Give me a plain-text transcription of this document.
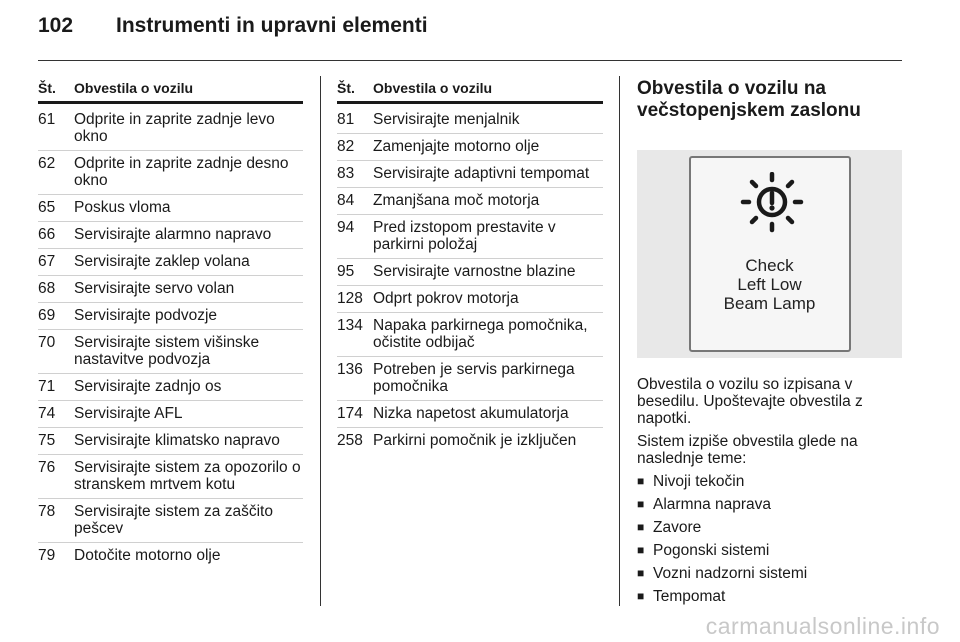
102	Instrumenti in upravni elementi
Št.	Obvestila o vozilu
61	Odprite in zaprite zadnje levo okno
62	Odprite in zaprite zadnje desno okno
65	Poskus vloma
66	Servisirajte alarmno napravo
67	Servisirajte zaklep volana
68	Servisirajte servo volan
69	Servisirajte podvozje
70	Servisirajte sistem višinske nastavitve podvozja
71	Servisirajte zadnjo os
74	Servisirajte AFL
75	Servisirajte klimatsko napravo
76	Servisirajte sistem za opozorilo o stranskem mrtvem kotu
78	Servisirajte sistem za zaščito pešcev
79	Dotočite motorno olje
Št.	Obvestila o vozilu
81	Servisirajte menjalnik
82	Zamenjajte motorno olje
83	Servisirajte adaptivni tempomat
84	Zmanjšana moč motorja
94	Pred izstopom prestavite v parkirni položaj
95	Servisirajte varnostne blazine
128 Odprt pokrov motorja
134 Napaka parkirnega pomočnika, očistite odbijač
136 Potreben je servis parkirnega pomočnika
174 Nizka napetost akumulatorja
258 Parkirni pomočnik je izključen
Obvestila o vozilu na
večstopenjskem zaslonu
Check
Left Low
Beam Lamp

Obvestila o vozilu so izpisana v besedilu. Upoštevajte obvestila z napotki.

Sistem izpiše obvestila glede na naslednje teme:

■ Nivoji tekočin
■ Alarmna naprava
■ Zavore
■ Pogonski sistemi
■ Vozni nadzorni sistemi
■ Tempomat
carmanualsonline.info
